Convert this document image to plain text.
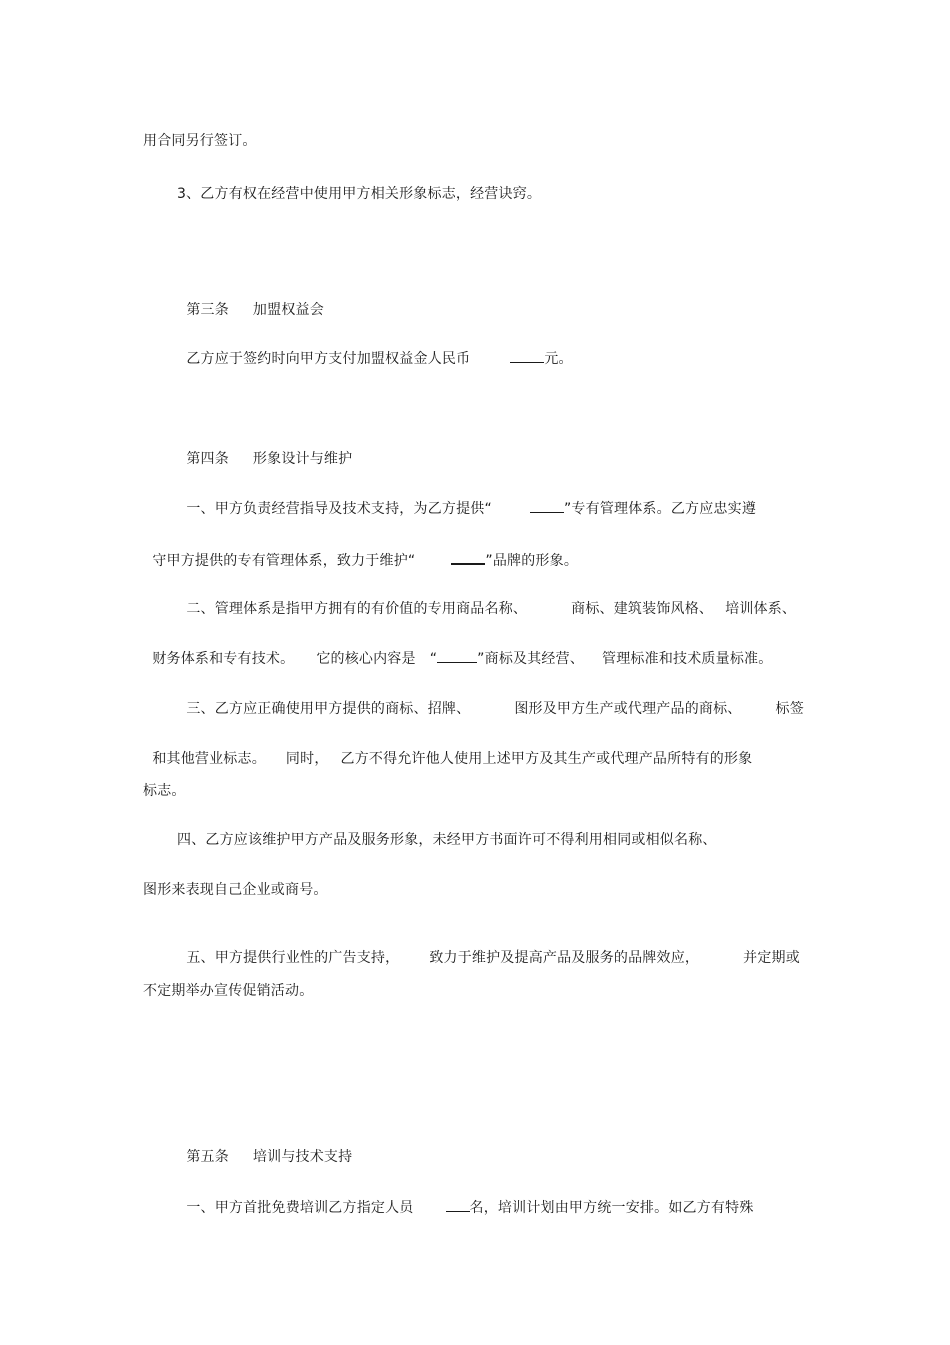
用合同另行签订。
3、乙方有权在经营中使用甲方相关形象标志，经营诀窍。

第三条 加盟权益会

乙方应于签约时向甲方支付加盟权益金人民币	元。

第四条 形象设计与维护

一、甲方负责经营指导及技术支持，为乙方提供“	”专有管理体系。乙方应忠实遵

守甲方提供的专有管理体系，致力于维护“	”品牌的形象。

二、管理体系是指甲方拥有的有价值的专用商品名称、	商标、建筑装饰风格、 培训体系、

财务体系和专有技术。 它的核心内容是 “	”商标及其经营、 管理标准和技术质量标准。

三、乙方应正确使用甲方提供的商标、招牌、	图形及甲方生产或代理产品的商标、 标签

和其他营业标志。 同时， 乙方不得允许他人使用上述甲方及其生产或代理产品所特有的形象

标志。
四、乙方应该维护甲方产品及服务形象，未经甲方书面许可不得利用相同或相似名称、
图形来表现自己企业或商号。

五、甲方提供行业性的广告支持， 致力于维护及提高产品及服务的品牌效应，	并定期或

不定期举办宣传促销活动。

第五条 培训与技术支持

一、甲方首批免费培训乙方指定人员	名，培训计划由甲方统一安排。如乙方有特殊
